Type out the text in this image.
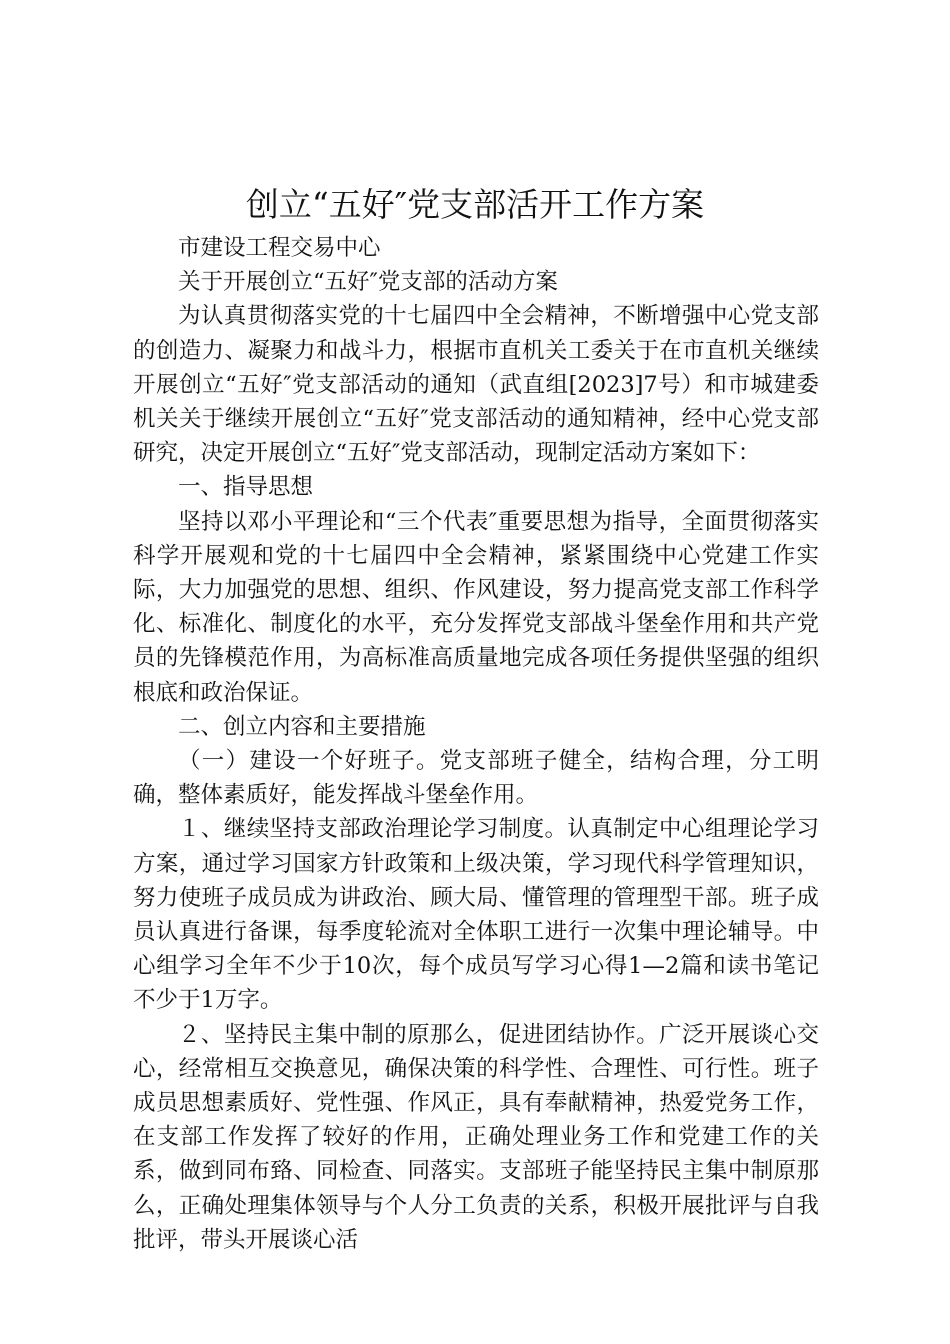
创立“五好″党支部活开工作方案

市建设工程交易中心

关于开展创立“五好″党支部的活动方案

为认真贯彻落实党的十七届四中全会精神，不断增强中心党支部的创造力、凝聚力和战斗力，根据市直机关工委关于在市直机关继续开展创立“五好″党支部活动的通知（武直组[2023]7号）和市城建委机关关于继续开展创立“五好″党支部活动的通知精神，经中心党支部研究，决定开展创立“五好″党支部活动，现制定活动方案如下：

一、指导思想

坚持以邓小平理论和“三个代表″重要思想为指导，全面贯彻落实科学开展观和党的十七届四中全会精神，紧紧围绕中心党建工作实际，大力加强党的思想、组织、作风建设，努力提高党支部工作科学化、标准化、制度化的水平，充分发挥党支部战斗堡垒作用和共产党员的先锋模范作用，为高标准高质量地完成各项任务提供坚强的组织根底和政治保证。

二、创立内容和主要措施

（一）建设一个好班子。党支部班子健全，结构合理，分工明确，整体素质好，能发挥战斗堡垒作用。

１、继续坚持支部政治理论学习制度。认真制定中心组理论学习方案，通过学习国家方针政策和上级决策，学习现代科学管理知识，努力使班子成员成为讲政治、顾大局、懂管理的管理型干部。班子成员认真进行备课，每季度轮流对全体职工进行一次集中理论辅导。中心组学习全年不少于10次，每个成员写学习心得1—2篇和读书笔记不少于1万字。

２、坚持民主集中制的原那么，促进团结协作。广泛开展谈心交心，经常相互交换意见，确保决策的科学性、合理性、可行性。班子成员思想素质好、党性强、作风正，具有奉献精神，热爱党务工作，在支部工作发挥了较好的作用，正确处理业务工作和党建工作的关系，做到同布臵、同检查、同落实。支部班子能坚持民主集中制原那么，正确处理集体领导与个人分工负责的关系，积极开展批评与自我批评，带头开展谈心活
